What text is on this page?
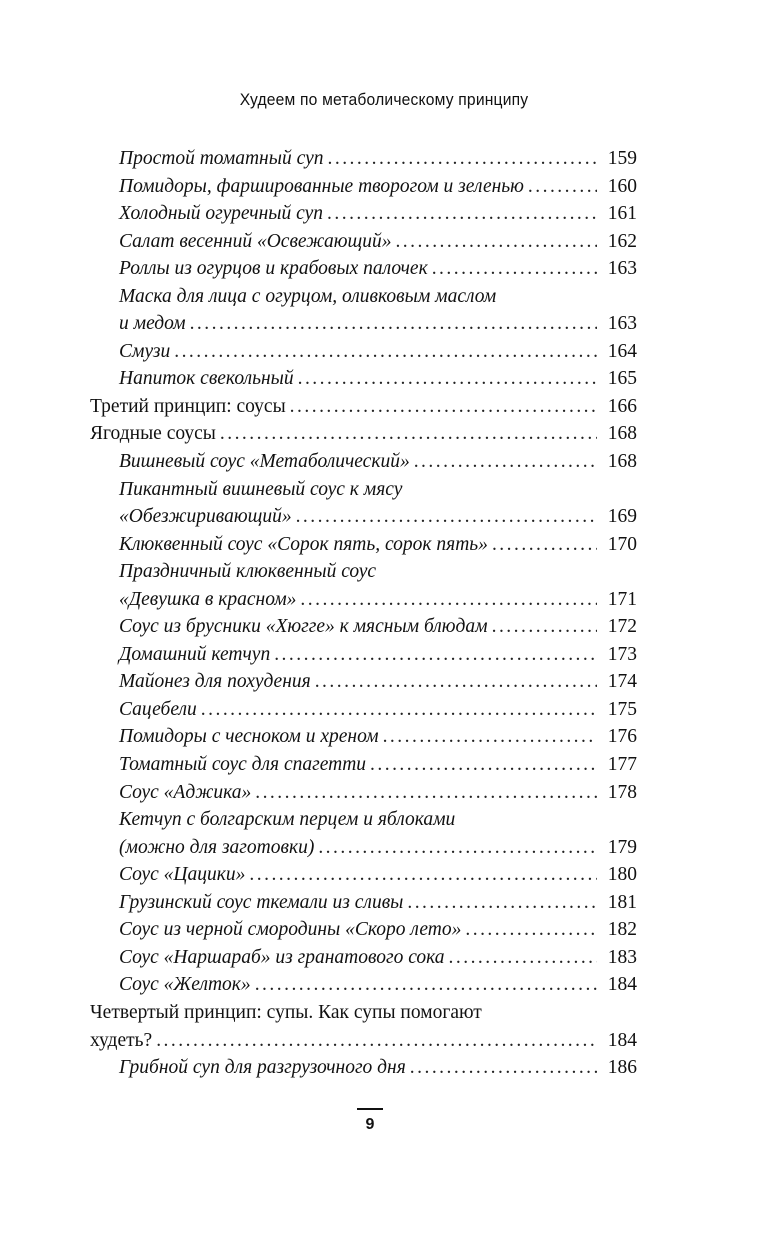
Худеем по метаболическому принципу
Простой томатный суп . . .	159
Помидоры, фаршированные творогом и зеленью . . .	160
Холодный огуречный суп . . .	161
Салат весенний «Освежающий» . . .	162
Роллы из огурцов и крабовых палочек . . .	163
Маска для лица с огурцом, оливковым маслом
и медом . . .	163
Смузи . . .	164
Напиток свекольный . . .	165
Третий принцип: соусы . . .	166
Ягодные соусы . . .	168
Вишневый соус «Метаболический» . . .	168
Пикантный вишневый соус к мясу
«Обезжиривающий» . . .	169
Клюквенный соус «Сорок пять, сорок пять» . . .	170
Праздничный клюквенный соус
«Девушка в красном» . . .	171
Соус из брусники «Хюгге» к мясным блюдам . . .	172
Домашний кетчуп . . .	173
Майонез для похудения . . .	174
Сацебели . . .	175
Помидоры с чесноком и хреном . . .	176
Томатный соус для спагетти . . .	177
Соус «Аджика» . . .	178
Кетчуп с болгарским перцем и яблоками
(можно для заготовки) . . .	179
Соус «Цацики» . . .	180
Грузинский соус ткемали из сливы . . .	181
Соус из черной смородины «Скоро лето» . . .	182
Соус «Наршараб» из гранатового сока . . .	183
Соус «Желток» . . .	184
Четвертый принцип: супы. Как супы помогают
худеть? . . .	184
Грибной суп для разгрузочного дня . . .	186
9
